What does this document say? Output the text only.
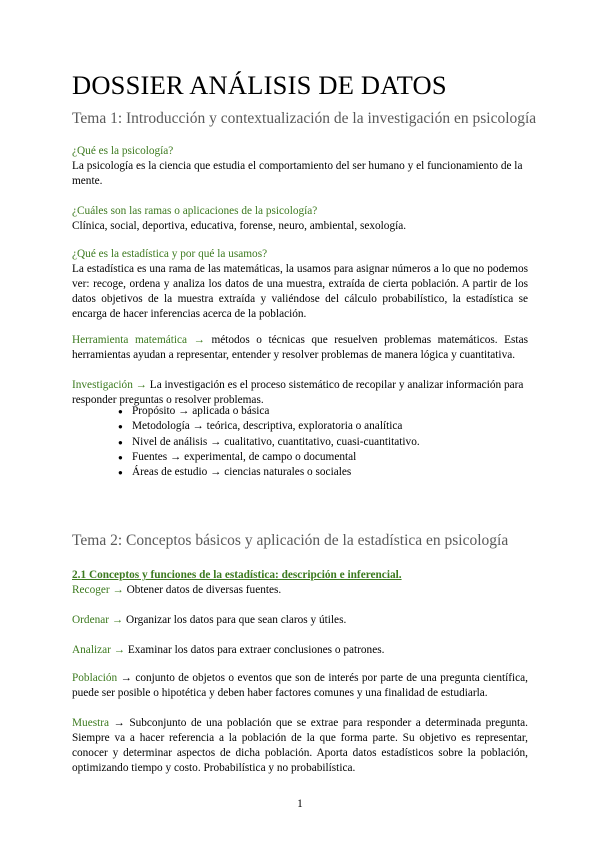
DOSSIER ANÁLISIS DE DATOS
Tema 1: Introducción y contextualización de la investigación en psicología
¿Qué es la psicología?
La psicología es la ciencia que estudia el comportamiento del ser humano y el funcionamiento de la mente.
¿Cuáles son las ramas o aplicaciones de la psicología?
Clínica, social, deportiva, educativa, forense, neuro, ambiental, sexología.
¿Qué es la estadística y por qué la usamos?
La estadística es una rama de las matemáticas, la usamos para asignar números a lo que no podemos ver: recoge, ordena y analiza los datos de una muestra, extraída de cierta población. A partir de los datos objetivos de la muestra extraída y valiéndose del cálculo probabilístico, la estadística se encarga de hacer inferencias acerca de la población.
Herramienta matemática → métodos o técnicas que resuelven problemas matemáticos. Estas herramientas ayudan a representar, entender y resolver problemas de manera lógica y cuantitativa.
Investigación → La investigación es el proceso sistemático de recopilar y analizar información para responder preguntas o resolver problemas.
● Propósito → aplicada o básica
● Metodología → teórica, descriptiva, exploratoria o analítica
● Nivel de análisis → cualitativo, cuantitativo, cuasi-cuantitativo.
● Fuentes → experimental, de campo o documental
● Áreas de estudio → ciencias naturales o sociales
Tema 2: Conceptos básicos y aplicación de la estadística en psicología
2.1 Conceptos y funciones de la estadística: descripción e inferencial.
Recoger → Obtener datos de diversas fuentes.
Ordenar → Organizar los datos para que sean claros y útiles.
Analizar → Examinar los datos para extraer conclusiones o patrones.
Población → conjunto de objetos o eventos que son de interés por parte de una pregunta científica, puede ser posible o hipotética y deben haber factores comunes y una finalidad de estudiarla.
Muestra → Subconjunto de una población que se extrae para responder a determinada pregunta. Siempre va a hacer referencia a la población de la que forma parte. Su objetivo es representar, conocer y determinar aspectos de dicha población. Aporta datos estadísticos sobre la población, optimizando tiempo y costo. Probabilística y no probabilística.
1
